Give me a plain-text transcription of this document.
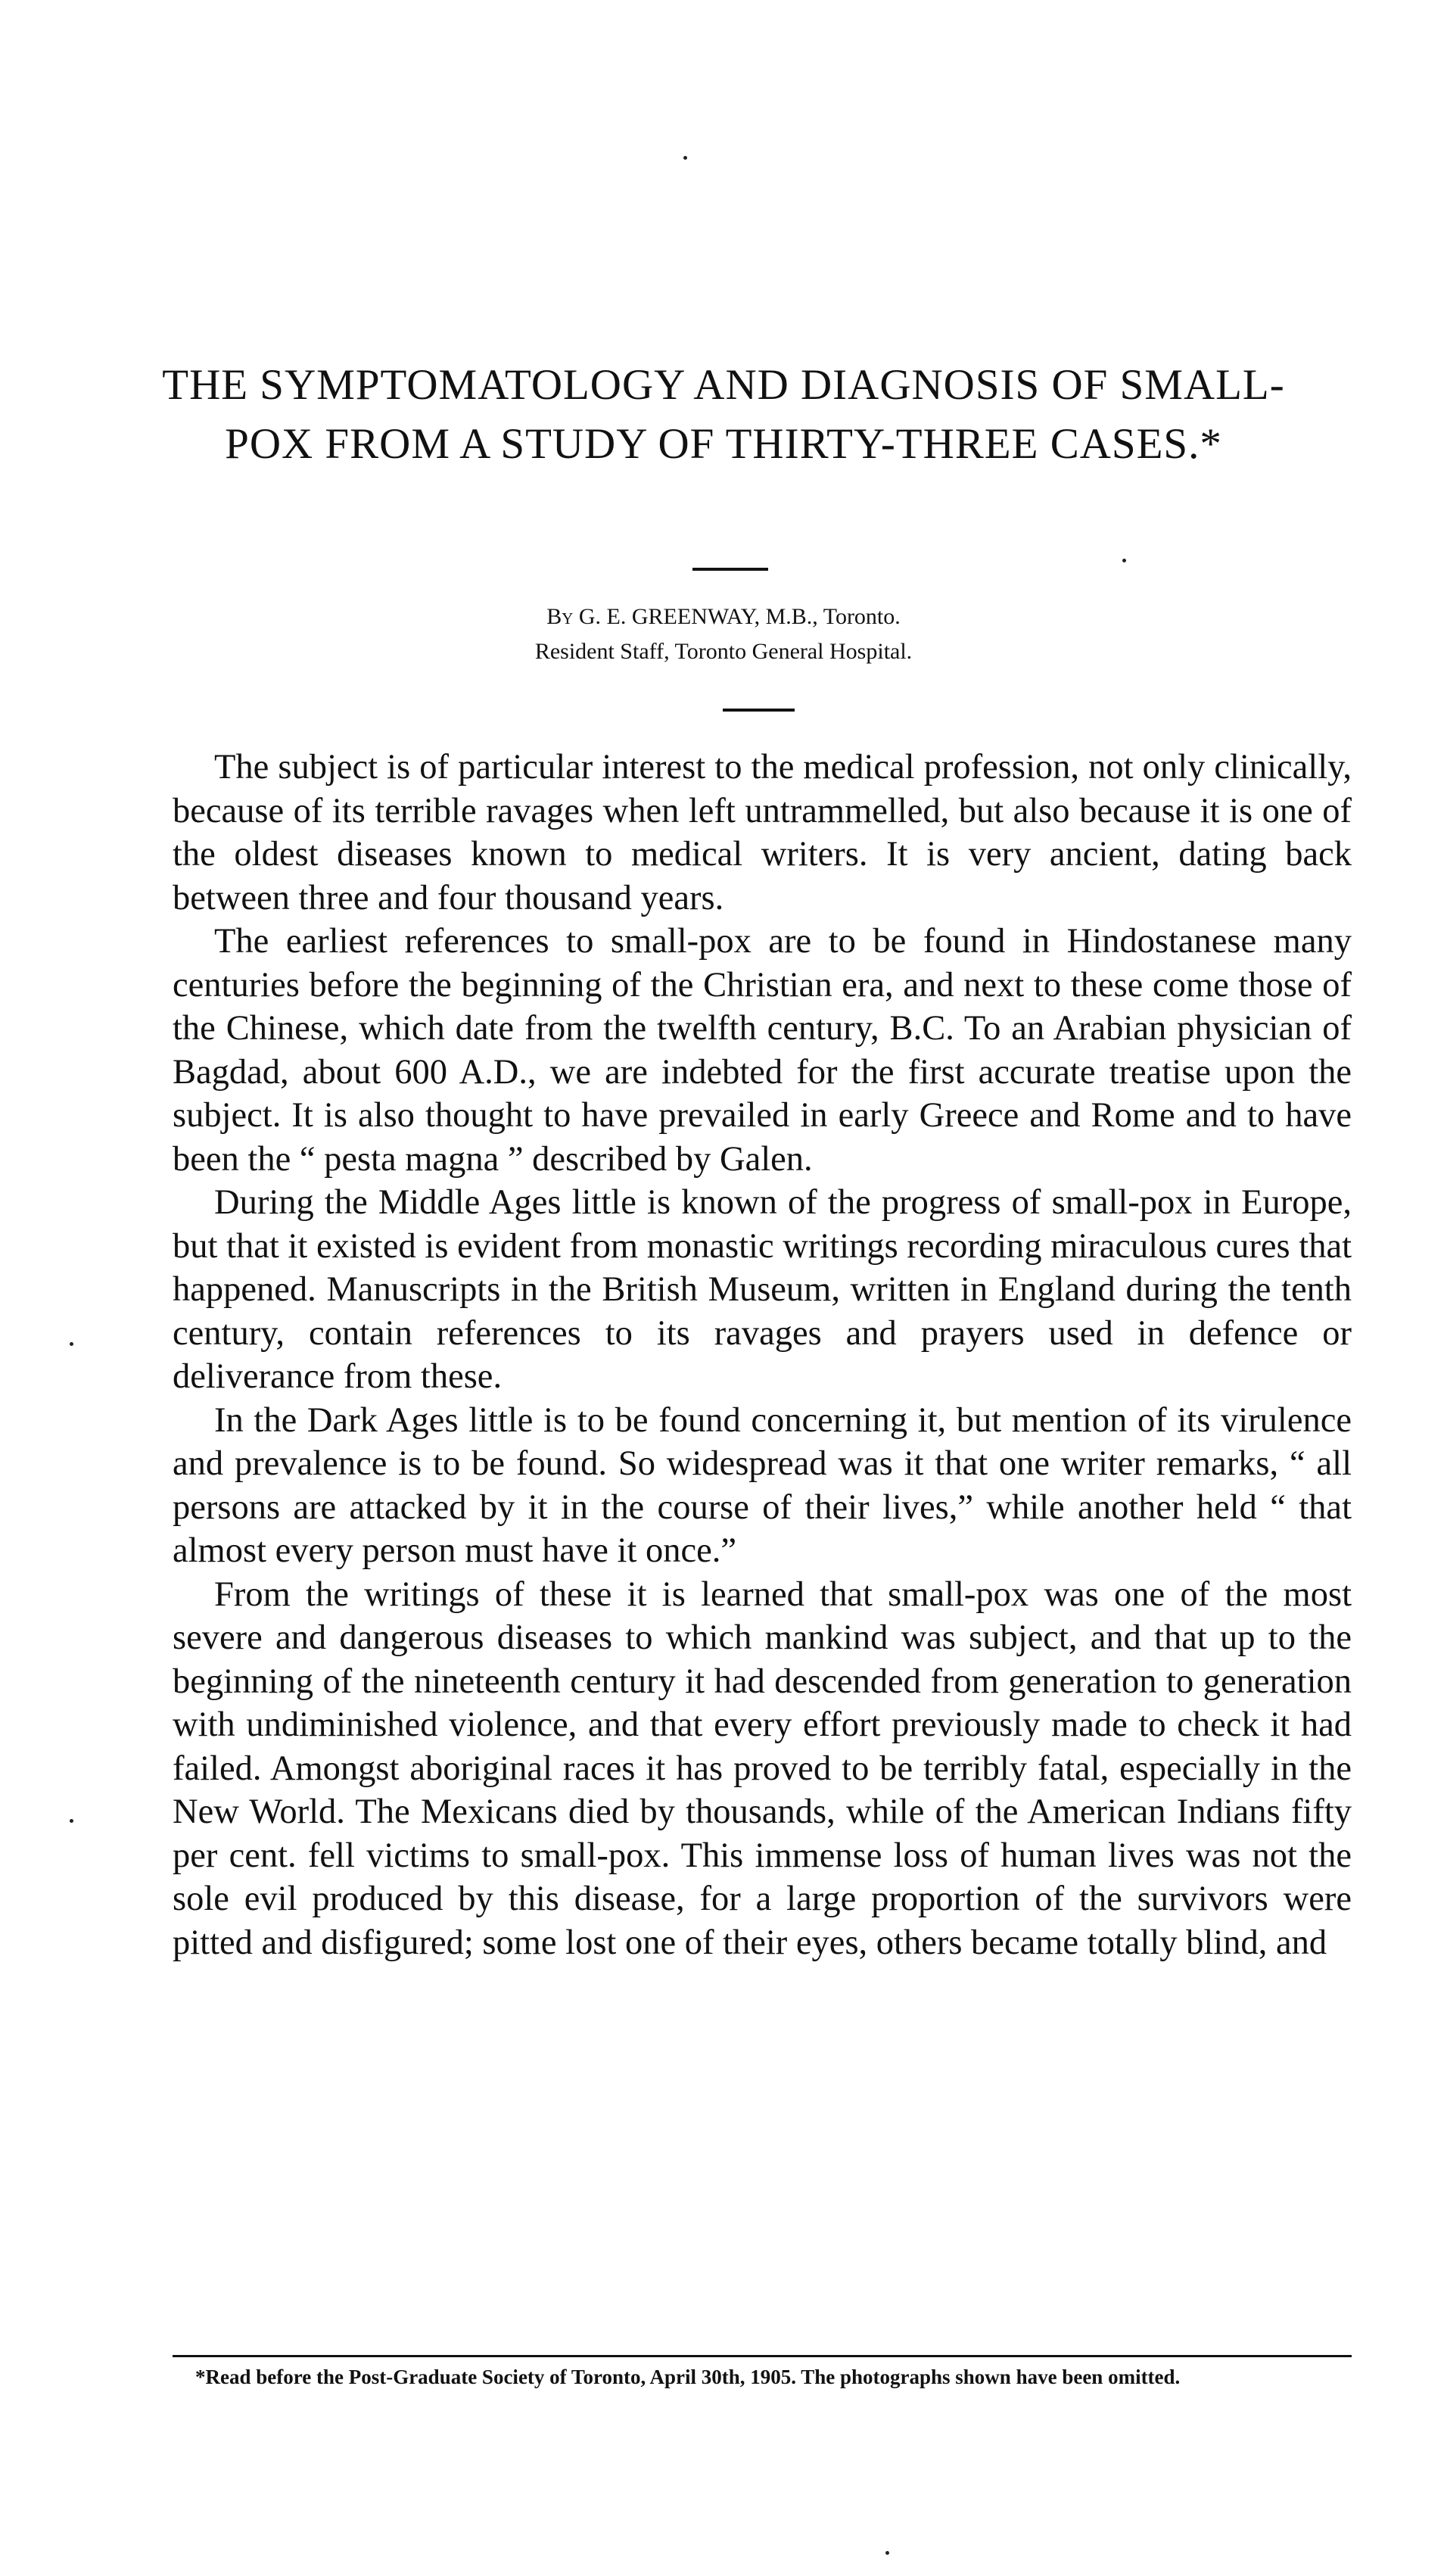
THE SYMPTOMATOLOGY AND DIAGNOSIS OF SMALL-POX FROM A STUDY OF THIRTY-THREE CASES.*
By G. E. GREENWAY, M.B., Toronto.
Resident Staff, Toronto General Hospital.

The subject is of particular interest to the medical profession, not only clinically, because of its terrible ravages when left untrammelled, but also because it is one of the oldest diseases known to medical writers. It is very ancient, dating back between three and four thousand years.

The earliest references to small-pox are to be found in Hindostanese many centuries before the beginning of the Christian era, and next to these come those of the Chinese, which date from the twelfth century, B.C. To an Arabian physician of Bagdad, about 600 A.D., we are indebted for the first accurate treatise upon the subject. It is also thought to have prevailed in early Greece and Rome and to have been the “ pesta magna ” described by Galen.

During the Middle Ages little is known of the progress of small-pox in Europe, but that it existed is evident from monastic writings recording miraculous cures that happened. Manuscripts in the British Museum, written in England during the tenth century, contain references to its ravages and prayers used in defence or deliverance from these.

In the Dark Ages little is to be found concerning it, but mention of its virulence and prevalence is to be found. So widespread was it that one writer remarks, “ all persons are attacked by it in the course of their lives,” while another held “ that almost every person must have it once.”

From the writings of these it is learned that small-pox was one of the most severe and dangerous diseases to which mankind was subject, and that up to the beginning of the nineteenth century it had descended from generation to generation with undiminished violence, and that every effort previously made to check it had failed. Amongst aboriginal races it has proved to be terribly fatal, especially in the New World. The Mexicans died by thousands, while of the American Indians fifty per cent. fell victims to small-pox. This immense loss of human lives was not the sole evil produced by this disease, for a large proportion of the survivors were pitted and disfigured; some lost one of their eyes, others became totally blind, and

*Read before the Post-Graduate Society of Toronto, April 30th, 1905. The photographs shown have been omitted.
